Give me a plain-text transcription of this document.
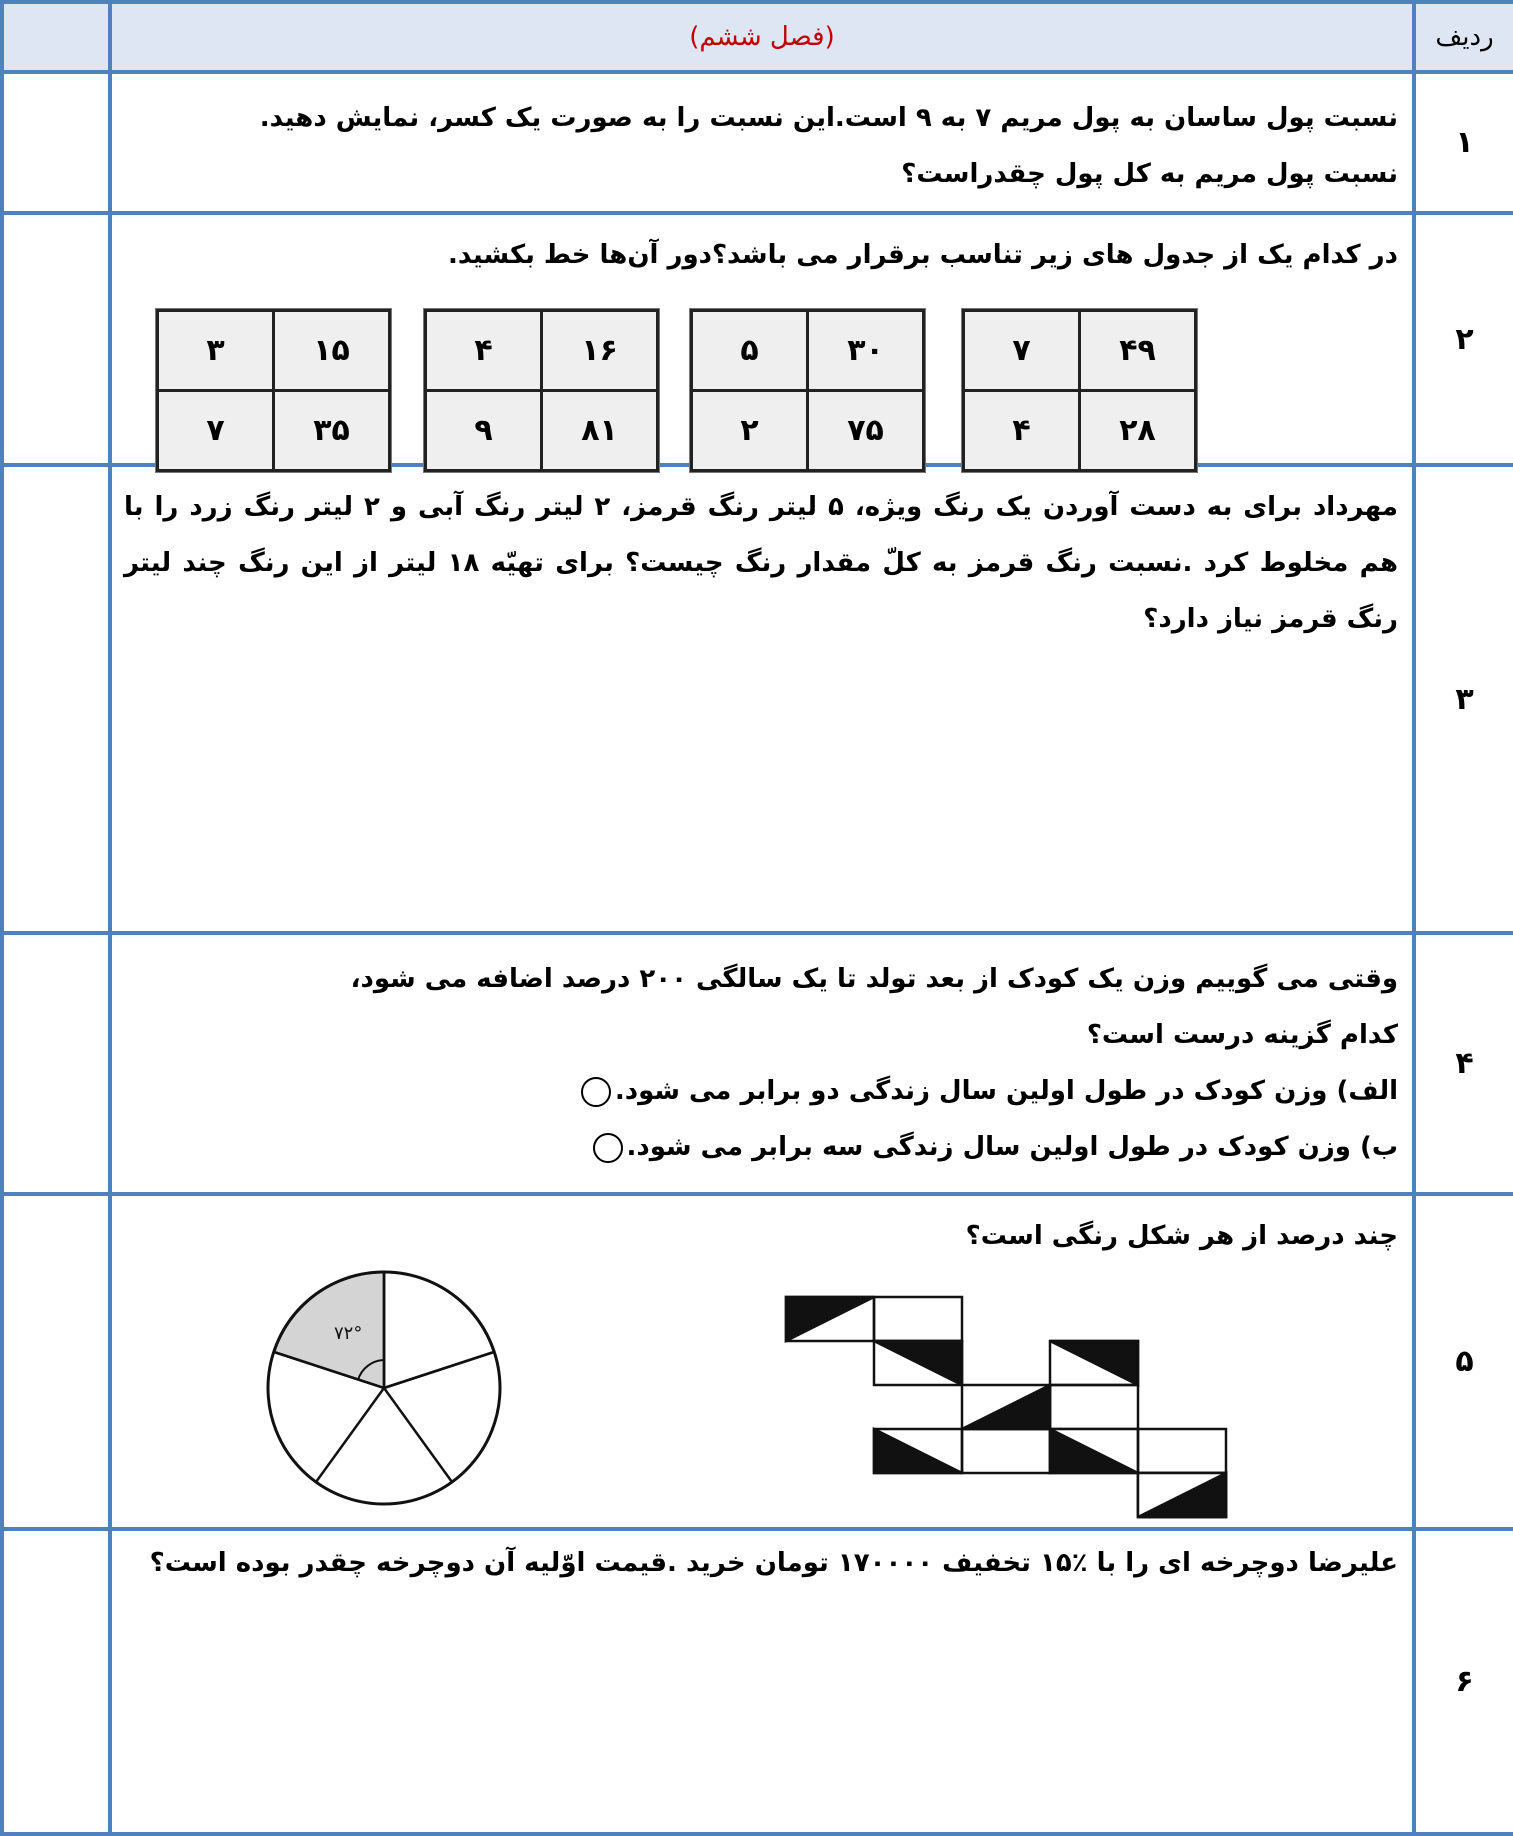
ردیف	(فصل ششم)	
۱	
نسبت پول ساسان به پول مریم ۷ به ۹ است.این نسبت را به صورت یک کسر، نمایش دهید.
نسبت پول مریم به کل پول چقدراست؟

۲	
در کدام یک از جدول های زیر تناسب برقرار می باشد؟دور آن‌ها خط بکشید.
۳	۱۵
۷	۳۵
۴	۱۶
۹	۸۱
۵	۳۰
۲	۷۵
۷	۴۹
۴	۲۸

۳	
مهرداد برای به دست آوردن یک رنگ ویژه، ۵ لیتر رنگ قرمز، ۲ لیتر رنگ آبی و ۲ لیتر رنگ زرد را با هم مخلوط کرد .نسبت رنگ قرمز به کلّ مقدار رنگ چیست؟ برای تهیّه ۱۸ لیتر از این رنگ چند لیتر رنگ قرمز نیاز دارد؟

۴	
وقتی می گوییم وزن یک کودک از بعد تولد تا یک سالگی ۲۰۰ درصد اضافه می شود،
کدام گزینه درست است؟
الف) وزن کودک در طول اولین سال زندگی دو برابر می شود.
ب) وزن کودک در طول اولین سال زندگی سه برابر می شود.

۵	
چند درصد از هر شکل رنگی است؟
۷۲°

۶	
علیرضا دوچرخه ای را با ٪۱۵ تخفیف ۱۷۰۰۰۰ تومان خرید .قیمت اوّلیه آن دوچرخه چقدر بوده است؟
